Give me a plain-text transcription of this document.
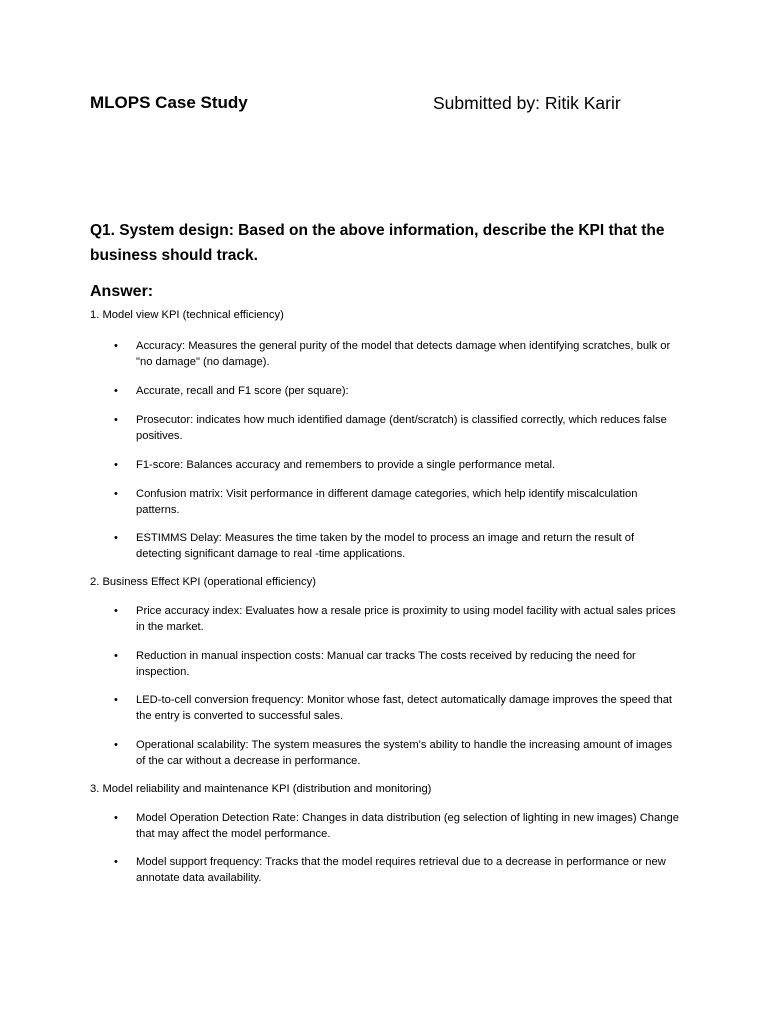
MLOPS Case Study	Submitted by: Ritik Karir

Q1. System design: Based on the above information, describe the KPI that the business should track.

Answer:

1. Model view KPI (technical efficiency)

• Accuracy: Measures the general purity of the model that detects damage when identifying scratches, bulk or "no damage" (no damage).

• Accurate, recall and F1 score (per square):

• Prosecutor: indicates how much identified damage (dent/scratch) is classified correctly, which reduces false positives.

• F1-score: Balances accuracy and remembers to provide a single performance metal.

• Confusion matrix: Visit performance in different damage categories, which help identify miscalculation patterns.

• ESTIMMS Delay: Measures the time taken by the model to process an image and return the result of detecting significant damage to real -time applications.

2. Business Effect KPI (operational efficiency)

• Price accuracy index: Evaluates how a resale price is proximity to using model facility with actual sales prices in the market.

• Reduction in manual inspection costs: Manual car tracks The costs received by reducing the need for inspection.

• LED-to-cell conversion frequency: Monitor whose fast, detect automatically damage improves the speed that the entry is converted to successful sales.

• Operational scalability: The system measures the system's ability to handle the increasing amount of images of the car without a decrease in performance.

3. Model reliability and maintenance KPI (distribution and monitoring)

• Model Operation Detection Rate: Changes in data distribution (eg selection of lighting in new images) Change that may affect the model performance.

• Model support frequency: Tracks that the model requires retrieval due to a decrease in performance or new annotate data availability.
